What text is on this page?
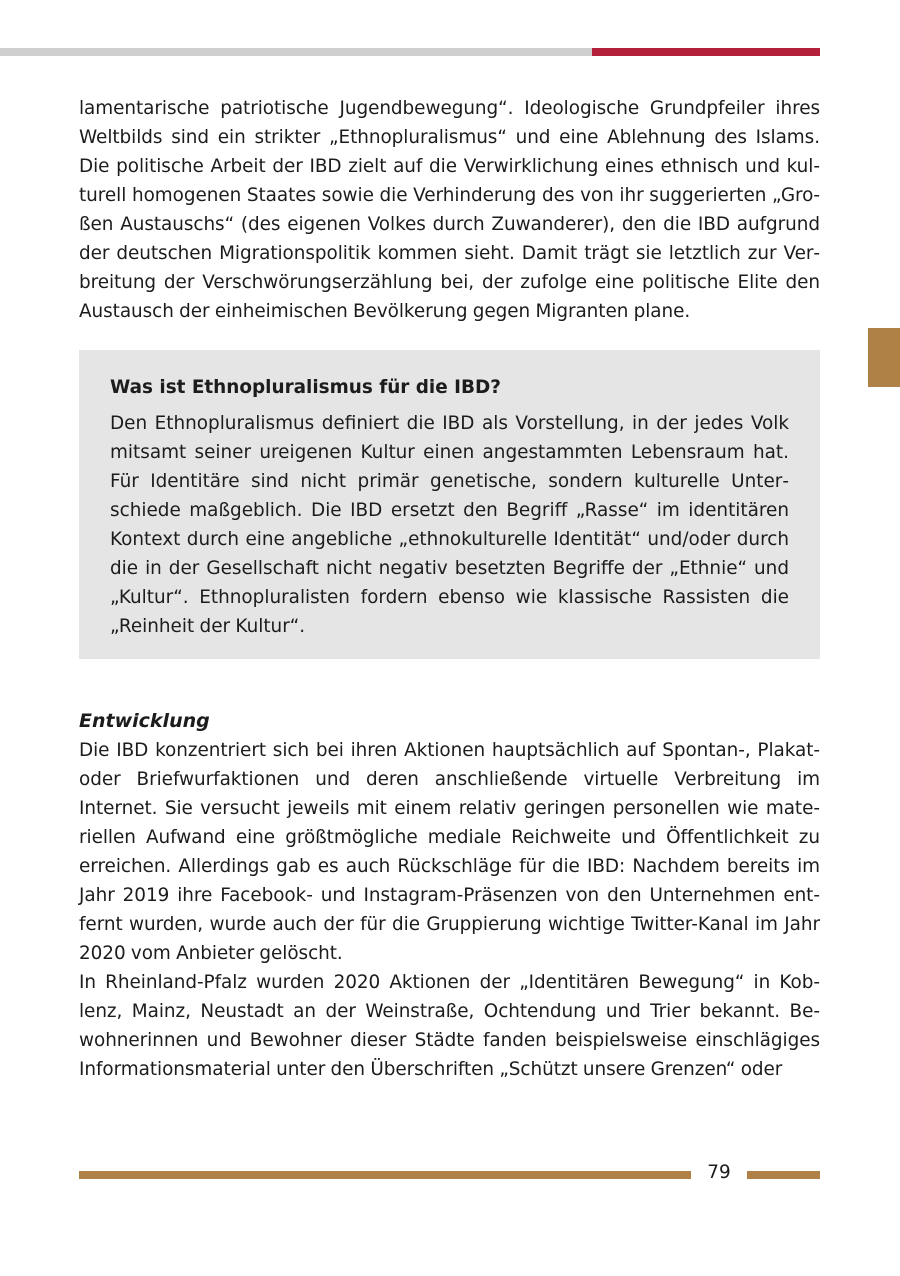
lamentarische patriotische Jugendbewegung“. Ideologische Grundpfeiler ihres Weltbilds sind ein strikter „Ethnopluralismus“ und eine Ablehnung des Islams. Die politische Arbeit der IBD zielt auf die Verwirklichung eines ethnisch und kulturell homogenen Staates sowie die Verhinderung des von ihr suggerierten „Großen Austauschs“ (des eigenen Volkes durch Zuwanderer), den die IBD aufgrund der deutschen Migrationspolitik kommen sieht. Damit trägt sie letztlich zur Verbreitung der Verschwörungserzählung bei, der zufolge eine politische Elite den Austausch der einheimischen Bevölkerung gegen Migranten plane.

Was ist Ethnopluralismus für die IBD?

Den Ethnopluralismus definiert die IBD als Vorstellung, in der jedes Volk mitsamt seiner ureigenen Kultur einen angestammten Lebensraum hat. Für Identitäre sind nicht primär genetische, sondern kulturelle Unterschiede maßgeblich. Die IBD ersetzt den Begriff „Rasse“ im identitären Kontext durch eine angebliche „ethnokulturelle Identität“ und/oder durch die in der Gesellschaft nicht negativ besetzten Begriffe der „Ethnie“ und „Kultur“. Ethnopluralisten fordern ebenso wie klassische Rassisten die „Reinheit der Kultur“.

Entwicklung

Die IBD konzentriert sich bei ihren Aktionen hauptsächlich auf Spontan-, Plakat- oder Briefwurfaktionen und deren anschließende virtuelle Verbreitung im Internet. Sie versucht jeweils mit einem relativ geringen personellen wie materiellen Aufwand eine größtmögliche mediale Reichweite und Öffentlichkeit zu erreichen. Allerdings gab es auch Rückschläge für die IBD: Nachdem bereits im Jahr 2019 ihre Facebook- und Instagram-Präsenzen von den Unternehmen entfernt wurden, wurde auch der für die Gruppierung wichtige Twitter-Kanal im Jahr 2020 vom Anbieter gelöscht.

In Rheinland-Pfalz wurden 2020 Aktionen der „Identitären Bewegung“ in Koblenz, Mainz, Neustadt an der Weinstraße, Ochtendung und Trier bekannt. Bewohnerinnen und Bewohner dieser Städte fanden beispielsweise einschlägiges Informationsmaterial unter den Überschriften „Schützt unsere Grenzen“ oder

79
